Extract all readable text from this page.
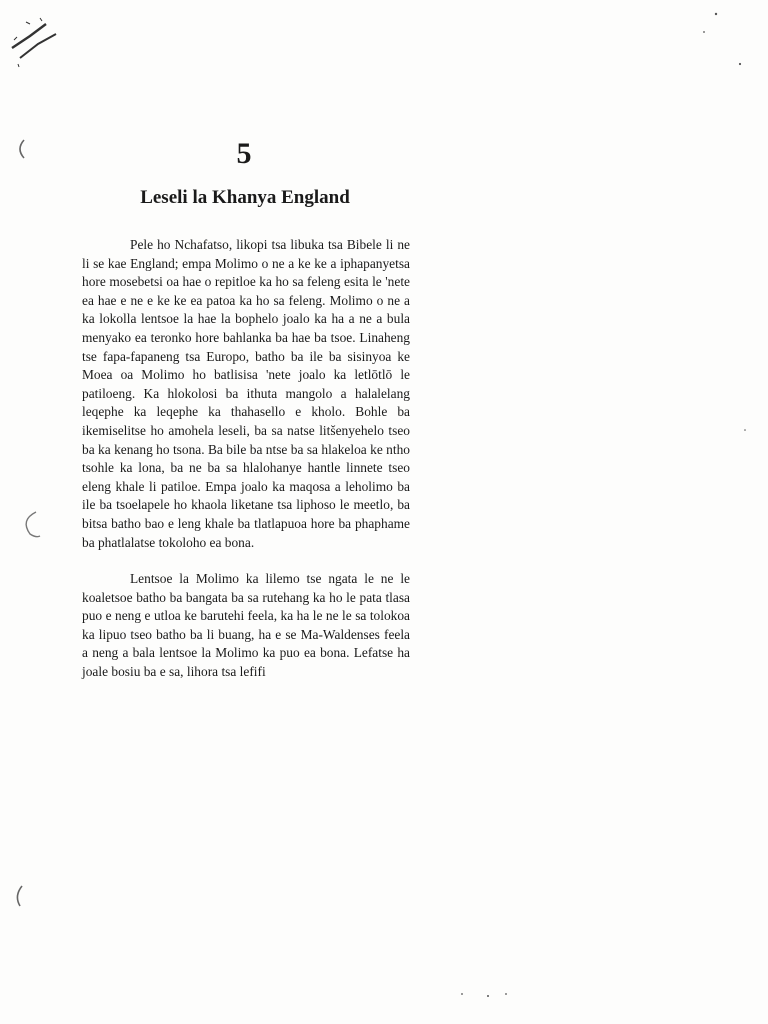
5
Leseli la Khanya England

Pele ho Nchafatso, likopi tsa libuka tsa Bibele li ne li se kae England; empa Molimo o ne a ke ke a iphapanyetsa hore mosebetsi oa hae o repitloe ka ho sa feleng esita le 'nete ea hae e ne e ke ke ea patoa ka ho sa feleng. Molimo o ne a ka lokolla lentsoe la hae la bophelo joalo ka ha a ne a bula menyako ea teronko hore bahlanka ba hae ba tsoe. Linaheng tse fapa-fapaneng tsa Europo, batho ba ile ba sisinyoa ke Moea oa Molimo ho batlisisa 'nete joalo ka letlōtlō le patiloeng. Ka hlokolosi ba ithuta mangolo a halalelang leqephe ka leqephe ka thahasello e kholo. Bohle ba ikemiselitse ho amohela leseli, ba sa natse litšenyehelo tseo ba ka kenang ho tsona. Ba bile ba ntse ba sa hlakeloa ke ntho tsohle ka lona, ba ne ba sa hlalohanye hantle linnete tseo eleng khale li patiloe. Empa joalo ka maqosa a leholimo ba ile ba tsoelapele ho khaola liketane tsa liphoso le meetlo, ba bitsa batho bao e leng khale ba tlatlapuoa hore ba phaphame ba phatlalatse tokoloho ea bona.

Lentsoe la Molimo ka lilemo tse ngata le ne le koaletsoe batho ba bangata ba sa rutehang ka ho le pata tlasa puo e neng e utloa ke barutehi feela, ka ha le ne le sa tolokoa ka lipuo tseo batho ba li buang, ha e se Ma-Waldenses feela a neng a bala lentsoe la Molimo ka puo ea bona. Lefatse ha joale bosiu ba e sa, lihora tsa lefifi
